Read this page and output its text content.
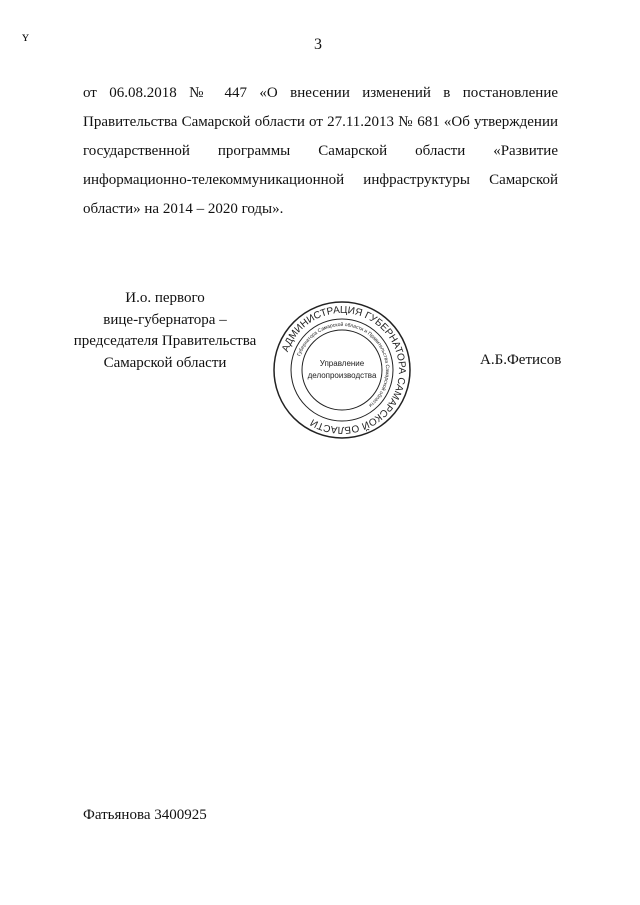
ʏ	3
от 06.08.2018 № 447 «О внесении изменений в постановление
Правительства Самарской области от 27.11.2013 № 681 «Об утверждении
государственной программы Самарской области «Развитие
информационно-телекоммуникационной инфраструктуры Самарской
области» на 2014 – 2020 годы».
И.о. первого
вице-губернатора –
председателя Правительства
Самарской области
АДМИНИСТРАЦИЯ ГУБЕРНАТОРА САМАРСКОЙ ОБЛАСТИ
Губернатора Самарской области и Правительства Самарской области
Управление
делопроизводства
А.Б.Фетисов
Фатьянова 3400925
